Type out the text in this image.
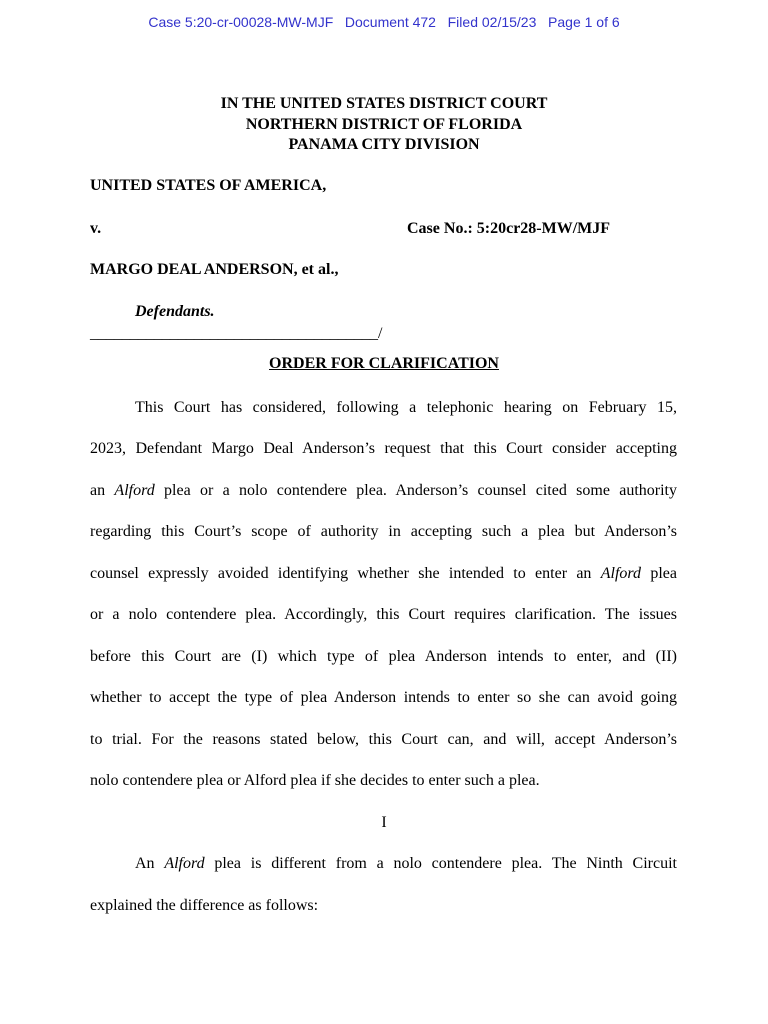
Case 5:20-cr-00028-MW-MJF   Document 472   Filed 02/15/23   Page 1 of 6
IN THE UNITED STATES DISTRICT COURT
NORTHERN DISTRICT OF FLORIDA
PANAMA CITY DIVISION
UNITED STATES OF AMERICA,
v.	Case No.: 5:20cr28-MW/MJF
MARGO DEAL ANDERSON, et al.,
Defendants.
____________________________________/
ORDER FOR CLARIFICATION
This Court has considered, following a telephonic hearing on February 15,
2023, Defendant Margo Deal Anderson’s request that this Court consider accepting
an Alford plea or a nolo contendere plea. Anderson’s counsel cited some authority
regarding this Court’s scope of authority in accepting such a plea but Anderson’s
counsel expressly avoided identifying whether she intended to enter an Alford plea
or a nolo contendere plea. Accordingly, this Court requires clarification. The issues
before this Court are (I) which type of plea Anderson intends to enter, and (II)
whether to accept the type of plea Anderson intends to enter so she can avoid going
to trial. For the reasons stated below, this Court can, and will, accept Anderson’s
nolo contendere plea or Alford plea if she decides to enter such a plea.
I
An Alford plea is different from a nolo contendere plea. The Ninth Circuit
explained the difference as follows:
